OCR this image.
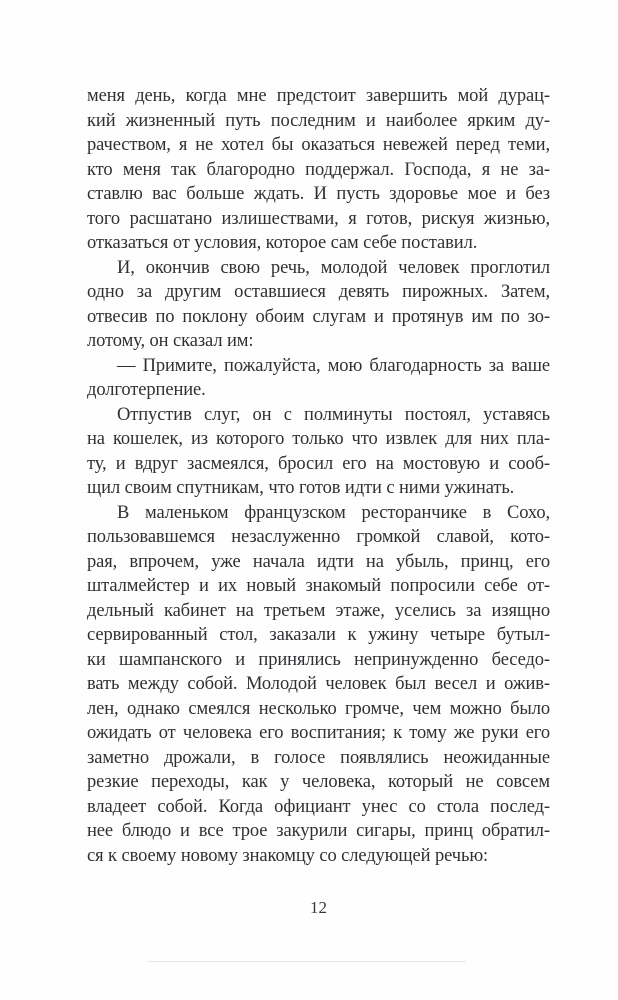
меня день, когда мне предстоит завершить мой дурац-
кий жизненный путь последним и наиболее ярким ду-
рачеством, я не хотел бы оказаться невежей перед теми,
кто меня так благородно поддержал. Господа, я не за-
ставлю вас больше ждать. И пусть здоровье мое и без
того расшатано излишествами, я готов, рискуя жизнью,
отказаться от условия, которое сам себе поставил.
И, окончив свою речь, молодой человек проглотил
одно за другим оставшиеся девять пирожных. Затем,
отвесив по поклону обоим слугам и протянув им по зо-
лотому, он сказал им:
— Примите, пожалуйста, мою благодарность за ваше
долготерпение.
Отпустив слуг, он с полминуты постоял, уставясь
на кошелек, из которого только что извлек для них пла-
ту, и вдруг засмеялся, бросил его на мостовую и сооб-
щил своим спутникам, что готов идти с ними ужинать.
В маленьком французском ресторанчике в Сохо,
пользовавшемся незаслуженно громкой славой, кото-
рая, впрочем, уже начала идти на убыль, принц, его
шталмейстер и их новый знакомый попросили себе от-
дельный кабинет на третьем этаже, уселись за изящно
сервированный стол, заказали к ужину четыре бутыл-
ки шампанского и принялись непринужденно беседо-
вать между собой. Молодой человек был весел и ожив-
лен, однако смеялся несколько громче, чем можно было
ожидать от человека его воспитания; к тому же руки его
заметно дрожали, в голосе появлялись неожиданные
резкие переходы, как у человека, который не совсем
владеет собой. Когда официант унес со стола послед-
нее блюдо и все трое закурили сигары, принц обратил-
ся к своему новому знакомцу со следующей речью:
12
